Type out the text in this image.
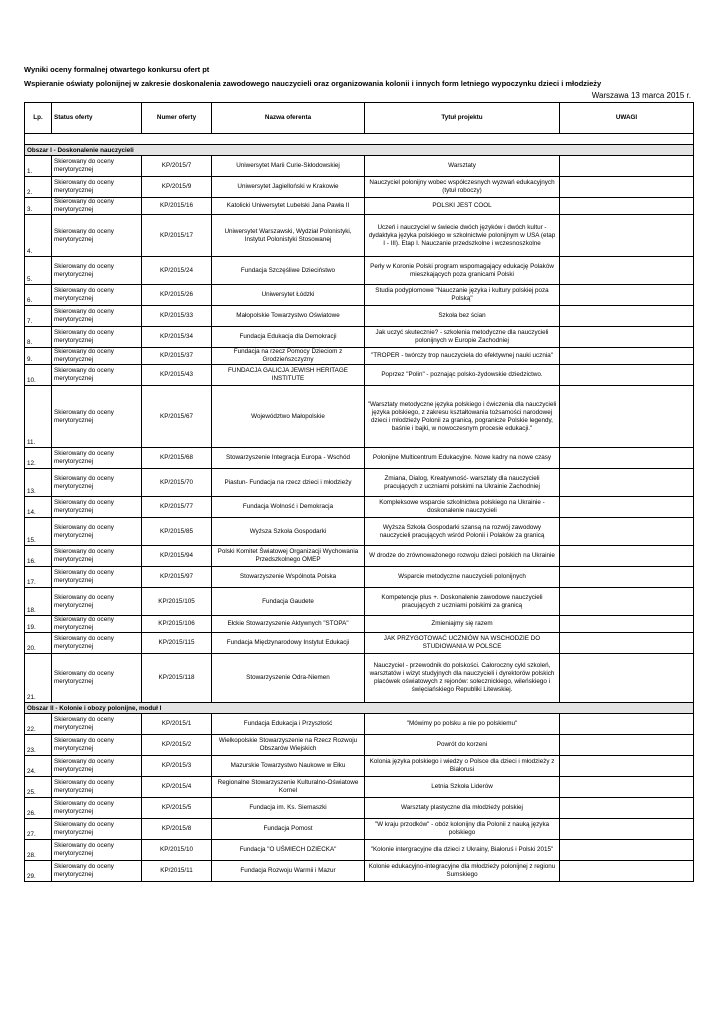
Wyniki oceny formalnej otwartego konkursu ofert pt
Wspieranie oświaty polonijnej w zakresie doskonalenia zawodowego nauczycieli oraz organizowania kolonii i innych form letniego wypoczynku dzieci i młodzieży
Warszawa 13 marca 2015 r.
Lp.	Status oferty	Numer oferty	Nazwa oferenta	Tytuł projektu	UWAGI

Obszar I - Doskonalenie nauczycieli					
1.	Skierowany do oceny merytorycznej	KP/2015/7	Uniwersytet Marii Curie-Skłodowskiej	Warsztaty	
2.	Skierowany do oceny merytorycznej	KP/2015/9	Uniwersytet Jagielloński w Krakowie	Nauczyciel polonijny wobec współczesnych wyzwań edukacyjnych (tytuł roboczy)	
3.	Skierowany do oceny merytorycznej	KP/2015/16	Katolicki Uniwersytet Lubelski Jana Pawła II	POLSKI JEST COOL	
4.	Skierowany do oceny merytorycznej	KP/2015/17	Uniwersytet Warszawski, Wydział Polonistyki, Instytut Polonistyki Stosowanej	Uczeń i nauczyciel w świecie dwóch języków i dwóch kultur - dydaktyka języka polskiego w szkolnictwie polonijnym w USA (etap I - III). Etap I. Nauczanie przedszkolne i wczesnoszkolne	
5.	Skierowany do oceny merytorycznej	KP/2015/24	Fundacja Szczęśliwe Dzieciństwo	Perły w Koronie Polski program wspomagający edukację Polaków mieszkających poza granicami Polski	
6.	Skierowany do oceny merytorycznej	KP/2015/26	Uniwersytet Łódzki	Studia podyplomowe "Nauczanie języka i kultury polskiej poza Polską"	
7.	Skierowany do oceny merytorycznej	KP/2015/33	Małopolskie Towarzystwo Oświatowe	Szkoła bez ścian	
8.	Skierowany do oceny merytorycznej	KP/2015/34	Fundacja Edukacja dla Demokracji	Jak uczyć skutecznie? - szkolenia metodyczne dla nauczycieli polonijnych w Europie Zachodniej	
9.	Skierowany do oceny merytorycznej	KP/2015/37	Fundacja na rzecz Pomocy Dzieciom z Grodzieńszczyzny	"TROPER - twórczy trop nauczyciela do efektywnej nauki ucznia"	
10.	Skierowany do oceny merytorycznej	KP/2015/43	FUNDACJA GALICJA JEWISH HERITAGE INSTITUTE	Poprzez "Polin" - poznając polsko-żydowskie dziedzictwo.	
11.	Skierowany do oceny merytorycznej	KP/2015/67	Województwo Małopolskie	"Warsztaty metodyczne języka polskiego i ćwiczenia dla nauczycieli języka polskiego, z zakresu kształtowania tożsamości narodowej dzieci i młodzieży Polonii za granicą, pogranicze Polskie legendy, baśnie i bajki, w nowoczesnym procesie edukacji."	
12.	Skierowany do oceny merytorycznej	KP/2015/68	Stowarzyszenie Integracja Europa - Wschód	Polonijne Multicentrum Edukacyjne. Nowe kadry na nowe czasy	
13.	Skierowany do oceny merytorycznej	KP/2015/70	Piastun- Fundacja na rzecz dzieci i młodzieży	Zmiana, Dialog, Kreatywność- warsztaty dla nauczycieli pracujących z uczniami polskimi na Ukrainie Zachodniej	
14.	Skierowany do oceny merytorycznej	KP/2015/77	Fundacja Wolność i Demokracja	Kompleksowe wsparcie szkolnictwa polskiego na Ukrainie - doskonalenie nauczycieli	
15.	Skierowany do oceny merytorycznej	KP/2015/85	Wyższa Szkoła Gospodarki	Wyższa Szkoła Gospodarki szansą na rozwój zawodowy nauczycieli pracujących wśród Polonii i Polaków za granicą	
16.	Skierowany do oceny merytorycznej	KP/2015/94	Polski Komitet Światowej Organizacji Wychowania Przedszkolnego OMEP	W drodze do zrównoważonego rozwoju dzieci polskich na Ukrainie	
17.	Skierowany do oceny merytorycznej	KP/2015/97	Stowarzyszenie Wspólnota Polska	Wsparcie metodyczne nauczycieli polonijnych	
18.	Skierowany do oceny merytorycznej	KP/2015/105	Fundacja Gaudete	Kompetencje plus +. Doskonalenie zawodowe nauczycieli pracujących z uczniami polskimi za granicą	
19.	Skierowany do oceny merytorycznej	KP/2015/106	Ełckie Stowarzyszenie Aktywnych "STOPA"	Zmieniajmy się razem	
20.	Skierowany do oceny merytorycznej	KP/2015/115	Fundacja Międzynarodowy Instytut Edukacji	JAK PRZYGOTOWAĆ UCZNIÓW NA WSCHODZIE DO STUDIOWANIA W POLSCE	
21.	Skierowany do oceny merytorycznej	KP/2015/118	Stowarzyszenie Odra-Niemen	Nauczyciel - przewodnik do polskości. Całoroczny cykl szkoleń, warsztatów i wizyt studyjnych dla nauczycieli i dyrektorów polskich placówek oświatowych z rejonów: solecznickiego, wileńskiego i święciańskiego Republiki Litewskiej.	
Obszar II - Kolonie i obozy polonijne, moduł I					
22.	Skierowany do oceny merytorycznej	KP/2015/1	Fundacja Edukacja i Przyszłość	"Mówimy po polsku a nie po polskiemu"	
23.	Skierowany do oceny merytorycznej	KP/2015/2	Wielkopolskie Stowarzyszenie na Rzecz Rozwoju Obszarów Wiejskich	Powrót do korzeni	
24.	Skierowany do oceny merytorycznej	KP/2015/3	Mazurskie Towarzystwo Naukowe w Ełku	Kolonia języka polskiego i wiedzy o Polsce dla dzieci i młodzieży z Białorusi	
25.	Skierowany do oceny merytorycznej	KP/2015/4	Regionalne Stowarzyszenie Kulturalno-Oświatowe Kornel	Letnia Szkoła Liderów	
26.	Skierowany do oceny merytorycznej	KP/2015/5	Fundacja im. Ks. Siemaszki	Warsztaty plastyczne dla młodzieży polskiej	
27.	Skierowany do oceny merytorycznej	KP/2015/8	Fundacja Pomost	"W kraju przodków" - obóz kolonijny dla Polonii z nauką języka polskiego	
28.	Skierowany do oceny merytorycznej	KP/2015/10	Fundacja "O UŚMIECH DZIECKA"	"Kolonie intergracyjne dla dzieci z Ukrainy, Białoruś i Polski 2015"	
29.	Skierowany do oceny merytorycznej	KP/2015/11	Fundacja Rozwoju Warmii i Mazur	Kolonie edukacyjno-integracyjne dla młodzieży polonijnej z regionu Sumskiego	
